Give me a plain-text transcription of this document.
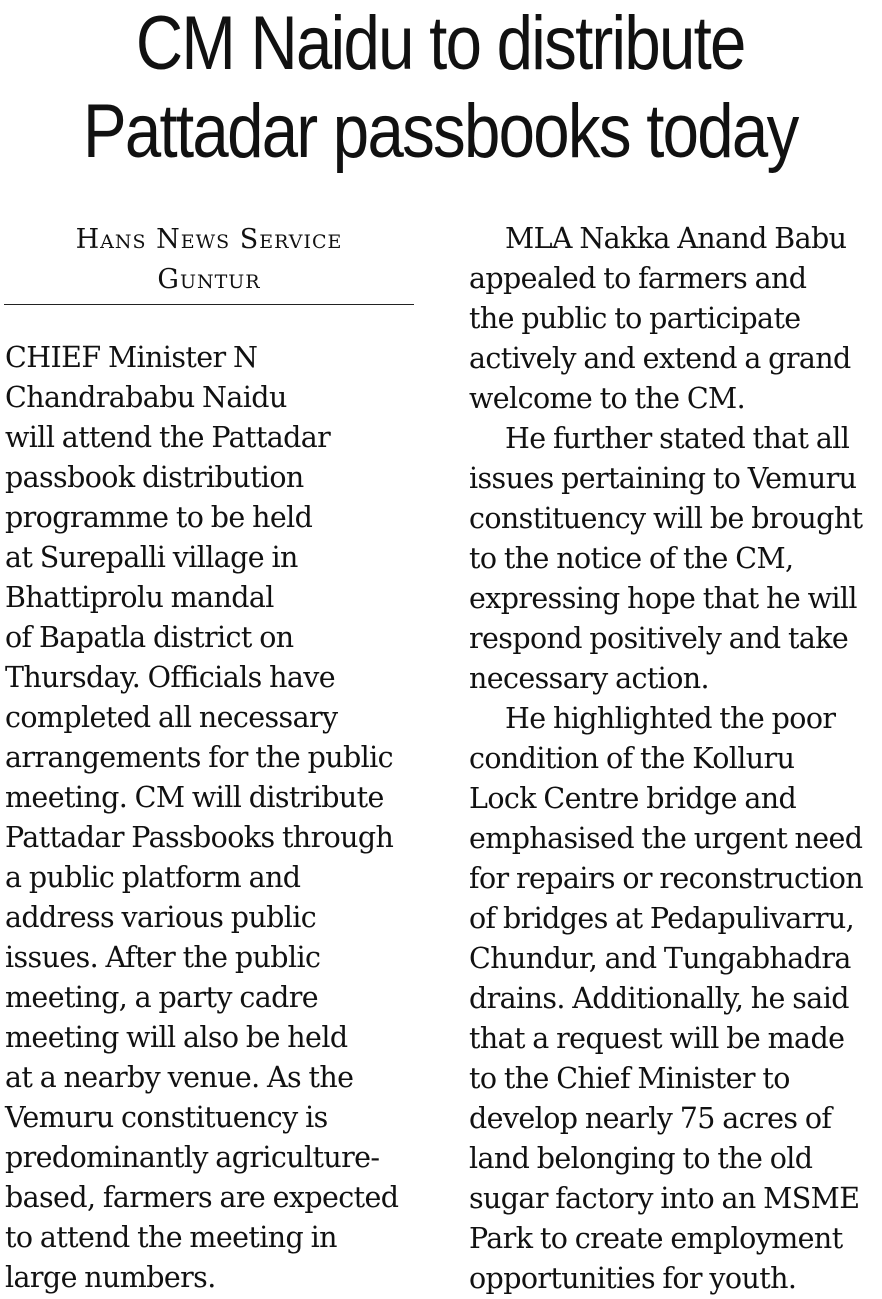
CM Naidu to distribute
Pattadar passbooks today
Hans News Service
Guntur

CHIEF Minister N
Chandrababu Naidu
will attend the Pattadar
passbook distribution
programme to be held
at Surepalli village in
Bhattiprolu mandal
of Bapatla district on
Thursday. Officials have
completed all necessary
arrangements for the public
meeting. CM will distribute
Pattadar Passbooks through
a public platform and
address various public
issues. After the public
meeting, a party cadre
meeting will also be held
at a nearby venue. As the
Vemuru constituency is
predominantly agriculture-
based, farmers are expected
to attend the meeting in
large numbers.

MLA Nakka Anand Babu
appealed to farmers and
the public to participate
actively and extend a grand
welcome to the CM.

He further stated that all
issues pertaining to Vemuru
constituency will be brought
to the notice of the CM,
expressing hope that he will
respond positively and take
necessary action.

He highlighted the poor
condition of the Kolluru
Lock Centre bridge and
emphasised the urgent need
for repairs or reconstruction
of bridges at Pedapulivarru,
Chundur, and Tungabhadra
drains. Additionally, he said
that a request will be made
to the Chief Minister to
develop nearly 75 acres of
land belonging to the old
sugar factory into an MSME
Park to create employment
opportunities for youth.
